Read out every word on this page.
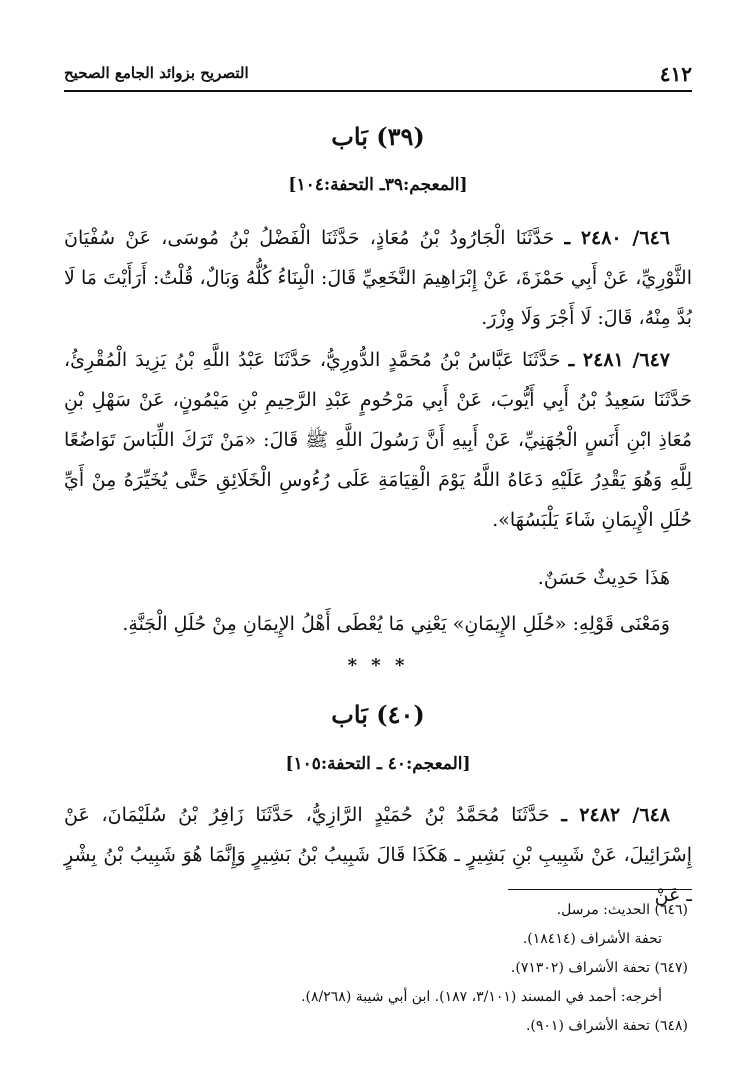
٤١٢
التصريح بزوائد الجامع الصحيح
(٣٩) بَاب
[المعجم:٣٩ـ التحفة:١٠٤]

٦٤٦/ ٢٤٨٠ ـ حَدَّثَنَا الْجَارُودُ بْنُ مُعَاذٍ، حَدَّثَنَا الْفَضْلُ بْنُ مُوسَى، عَنْ سُفْيَانَ الثَّوْرِيِّ، عَنْ أَبِي حَمْزَةَ، عَنْ إِبْرَاهِيمَ النَّخَعِيِّ قَالَ: الْبِنَاءُ كُلُّهُ وَبَالٌ، قُلْتُ: أَرَأَيْتَ مَا لَا بُدَّ مِنْهُ، قَالَ: لَا أَجْرَ وَلَا وِزْرَ.

٦٤٧/ ٢٤٨١ ـ حَدَّثَنَا عَبَّاسُ بْنُ مُحَمَّدٍ الدُّورِيُّ، حَدَّثَنَا عَبْدُ اللَّهِ بْنُ يَزِيدَ الْمُقْرِئُ، حَدَّثَنَا سَعِيدُ بْنُ أَبِي أَيُّوبَ، عَنْ أَبِي مَرْحُومٍ عَبْدِ الرَّحِيمِ بْنِ مَيْمُونٍ، عَنْ سَهْلِ بْنِ مُعَاذِ ابْنِ أَنَسٍ الْجُهَنِيِّ، عَنْ أَبِيهِ أَنَّ رَسُولَ اللَّهِ ﷺ قَالَ: «مَنْ تَرَكَ اللِّبَاسَ تَوَاضُعًا لِلَّهِ وَهُوَ يَقْدِرُ عَلَيْهِ دَعَاهُ اللَّهُ يَوْمَ الْقِيَامَةِ عَلَى رُءُوسِ الْخَلَائِقِ حَتَّى يُخَيِّرَهُ مِنْ أَيِّ حُلَلِ الْإِيمَانِ شَاءَ يَلْبَسُهَا».

هَذَا حَدِيثٌ حَسَنٌ.

وَمَعْنَى قَوْلِهِ: «حُلَلِ الإِيمَانِ» يَعْنِي مَا يُعْطَى أَهْلُ الإِيمَانِ مِنْ حُلَلِ الْجَنَّةِ.

* * *
(٤٠) بَاب
[المعجم:٤٠ ـ التحفة:١٠٥]

٦٤٨/ ٢٤٨٢ ـ حَدَّثَنَا مُحَمَّدُ بْنُ حُمَيْدٍ الرَّازِيُّ، حَدَّثَنَا زَافِرُ بْنُ سُلَيْمَانَ، عَنْ إِسْرَائِيلَ، عَنْ شَبِيبِ بْنِ بَشِيرٍ ـ هَكَذَا قَالَ شَبِيبُ بْنُ بَشِيرٍ وَإِنَّمَا هُوَ شَبِيبُ بْنُ بِشْرٍ ـ عَنْ

(٦٤٦) الحديث: مرسل.

تحفة الأشراف (١٨٤١٤).

(٦٤٧) تحفة الأشراف (٧١٣٠٢).

أخرجه: أحمد في المسند (٣/١٠١، ١٨٧). ابن أبي شيبة (٨/٢٦٨).

(٦٤٨) تحفة الأشراف (٩٠١).
